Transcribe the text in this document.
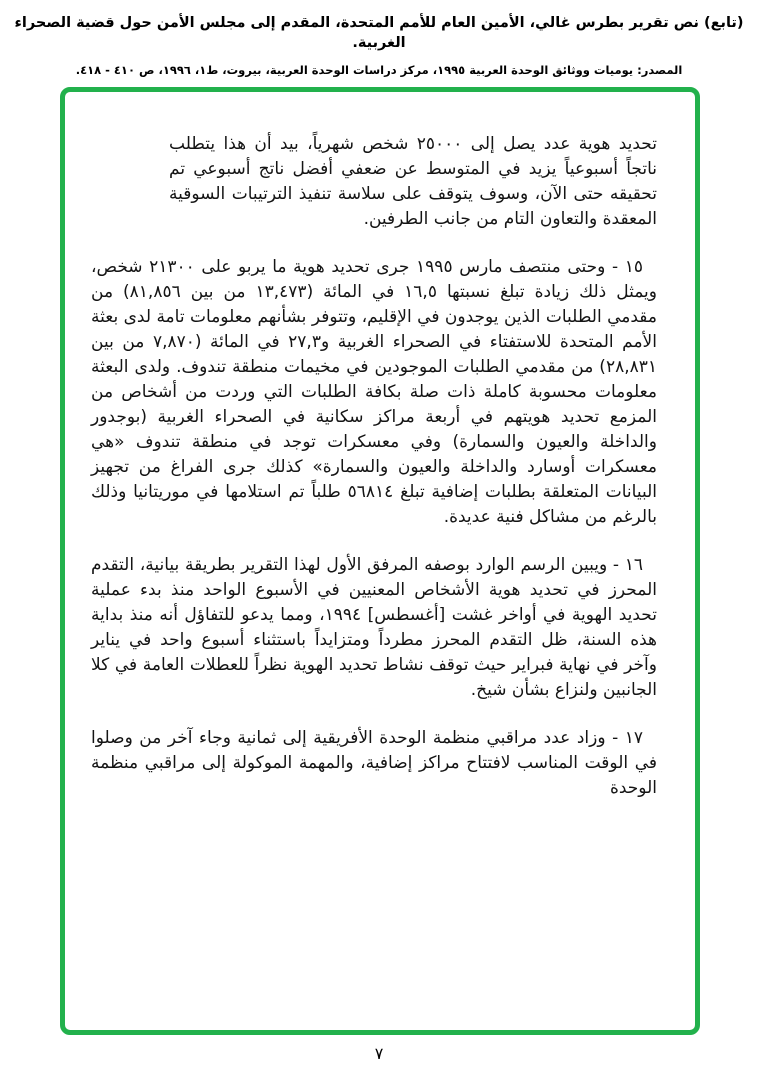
(تابع) نص تقرير بطرس غالي، الأمين العام للأمم المتحدة، المقدم إلى مجلس الأمن حول قضية الصحراء الغربية.
المصدر: يوميات ووثائق الوحدة العربية ١٩٩٥، مركز دراسات الوحدة العربية، بيروت، ط١، ١٩٩٦، ص ٤١٠ - ٤١٨.

تحديد هوية عدد يصل إلى ٢٥٠٠٠ شخص شهرياً، بيد أن هذا يتطلب ناتجاً أسبوعياً يزيد في المتوسط عن ضعفي أفضل ناتج أسبوعي تم تحقيقه حتى الآن، وسوف يتوقف على سلاسة تنفيذ الترتيبات السوقية المعقدة والتعاون التام من جانب الطرفين.

١٥ - وحتى منتصف مارس ١٩٩٥ جرى تحديد هوية ما يربو على ٢١٣٠٠ شخص، ويمثل ذلك زيادة تبلغ نسبتها ١٦,٥ في المائة (١٣,٤٧٣ من بين ٨١,٨٥٦) من مقدمي الطلبات الذين يوجدون في الإقليم، وتتوفر بشأنهم معلومات تامة لدى بعثة الأمم المتحدة للاستفتاء في الصحراء الغربية و٢٧,٣ في المائة (٧,٨٧٠ من بين ٢٨,٨٣١) من مقدمي الطلبات الموجودين في مخيمات منطقة تندوف. ولدى البعثة معلومات محسوبة كاملة ذات صلة بكافة الطلبات التي وردت من أشخاص من المزمع تحديد هويتهم في أربعة مراكز سكانية في الصحراء الغربية (بوجدور والداخلة والعيون والسمارة) وفي معسكرات توجد في منطقة تندوف «هي معسكرات أوسارد والداخلة والعيون والسمارة» كذلك جرى الفراغ من تجهيز البيانات المتعلقة بطلبات إضافية تبلغ ٥٦٨١٤ طلباً تم استلامها في موريتانيا وذلك بالرغم من مشاكل فنية عديدة.

١٦ - ويبين الرسم الوارد بوصفه المرفق الأول لهذا التقرير بطريقة بيانية، التقدم المحرز في تحديد هوية الأشخاص المعنيين في الأسبوع الواحد منذ بدء عملية تحديد الهوية في أواخر غشت [أغسطس] ١٩٩٤، ومما يدعو للتفاؤل أنه منذ بداية هذه السنة، ظل التقدم المحرز مطرداً ومتزايداً باستثناء أسبوع واحد في يناير وآخر في نهاية فبراير حيث توقف نشاط تحديد الهوية نظراً للعطلات العامة في كلا الجانبين ولنزاع بشأن شيخ.

١٧ - وزاد عدد مراقبي منظمة الوحدة الأفريقية إلى ثمانية وجاء آخر من وصلوا في الوقت المناسب لافتتاح مراكز إضافية، والمهمة الموكولة إلى مراقبي منظمة الوحدة

٧
